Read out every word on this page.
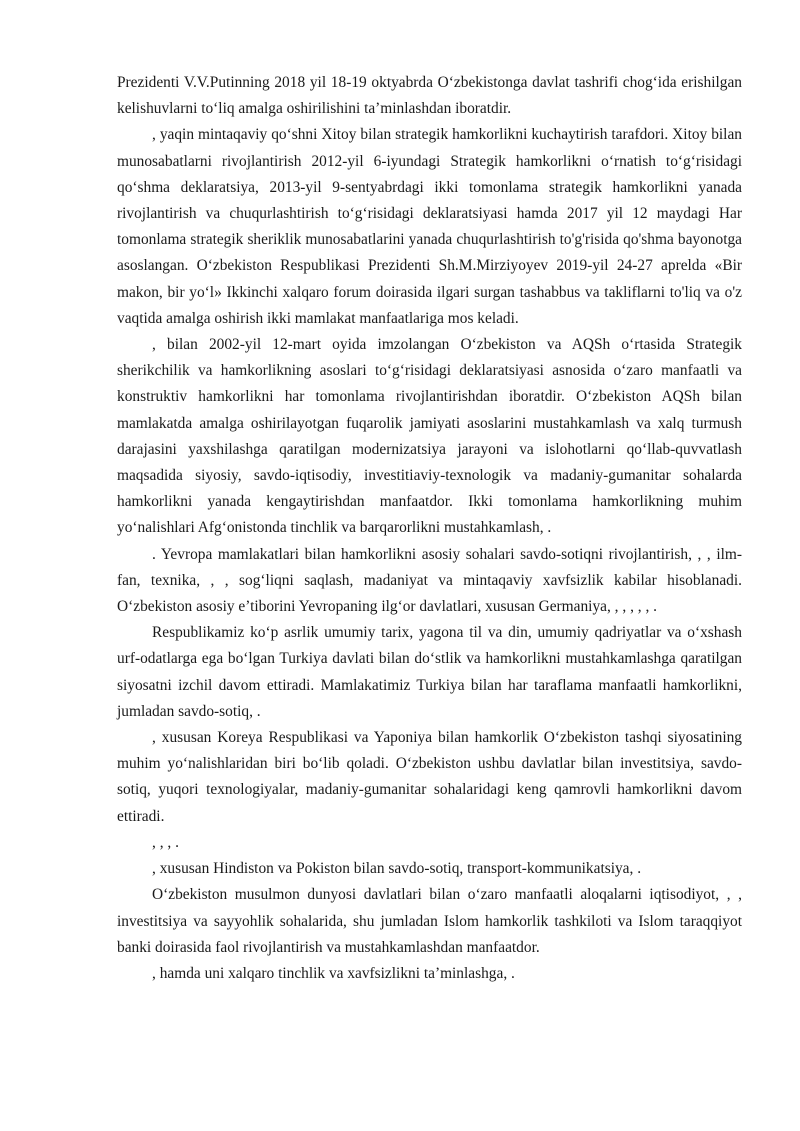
Prezidenti V.V.Putinning 2018 yil 18-19 oktyabrda O‘zbekistonga davlat tashrifi chog‘ida erishilgan kelishuvlarni to‘liq amalga oshirilishini ta’minlashdan iboratdir.

, yaqin mintaqaviy qo‘shni Xitoy bilan strategik hamkorlikni kuchaytirish tarafdori. Xitoy bilan munosabatlarni rivojlantirish 2012-yil 6-iyundagi Strategik hamkorlikni o‘rnatish to‘g‘risidagi qo‘shma deklaratsiya, 2013-yil 9-sentyabrdagi ikki tomonlama strategik hamkorlikni yanada rivojlantirish va chuqurlashtirish to‘g‘risidagi deklaratsiyasi hamda 2017 yil 12 maydagi Har tomonlama strategik sheriklik munosabatlarini yanada chuqurlashtirish to'g'risida qo'shma bayonotga asoslangan. O‘zbekiston Respublikasi Prezidenti Sh.M.Mirziyoyev 2019-yil 24-27 aprelda «Bir makon, bir yo‘l» Ikkinchi xalqaro forum doirasida ilgari surgan tashabbus va takliflarni to'liq va o'z vaqtida amalga oshirish ikki mamlakat manfaatlariga mos keladi.

, bilan 2002-yil 12-mart oyida imzolangan O‘zbekiston va AQSh o‘rtasida Strategik sherikchilik va hamkorlikning asoslari to‘g‘risidagi deklaratsiyasi asnosida o‘zaro manfaatli va konstruktiv hamkorlikni har tomonlama rivojlantirishdan iboratdir. O‘zbekiston AQSh bilan mamlakatda amalga oshirilayotgan fuqarolik jamiyati asoslarini mustahkamlash va xalq turmush darajasini yaxshilashga qaratilgan modernizatsiya jarayoni va islohotlarni qo‘llab-quvvatlash maqsadida siyosiy, savdo-iqtisodiy, investitiaviy-texnologik va madaniy-gumanitar sohalarda hamkorlikni yanada kengaytirishdan manfaatdor. Ikki tomonlama hamkorlikning muhim yo‘nalishlari Afg‘onistonda tinchlik va barqarorlikni mustahkamlash, .

. Yevropa mamlakatlari bilan hamkorlikni asosiy sohalari savdo-sotiqni rivojlantirish, , , ilm-fan, texnika, , , sog‘liqni saqlash, madaniyat va mintaqaviy xavfsizlik kabilar hisoblanadi. O‘zbekiston asosiy e’tiborini Yevropaning ilg‘or davlatlari, xususan Germaniya, , , , , , .

Respublikamiz ko‘p asrlik umumiy tarix, yagona til va din, umumiy qadriyatlar va o‘xshash urf-odatlarga ega bo‘lgan Turkiya davlati bilan do‘stlik va hamkorlikni mustahkamlashga qaratilgan siyosatni izchil davom ettiradi. Mamlakatimiz Turkiya bilan har taraflama manfaatli hamkorlikni, jumladan savdo-sotiq, .

, xususan Koreya Respublikasi va Yaponiya bilan hamkorlik O‘zbekiston tashqi siyosatining muhim yo‘nalishlaridan biri bo‘lib qoladi. O‘zbekiston ushbu davlatlar bilan investitsiya, savdo-sotiq, yuqori texnologiyalar, madaniy-gumanitar sohalaridagi keng qamrovli hamkorlikni davom ettiradi.

, , , .

, xususan Hindiston va Pokiston bilan savdo-sotiq, transport-kommunikatsiya, .

O‘zbekiston musulmon dunyosi davlatlari bilan o‘zaro manfaatli aloqalarni iqtisodiyot, , , investitsiya va sayyohlik sohalarida, shu jumladan Islom hamkorlik tashkiloti va Islom taraqqiyot banki doirasida faol rivojlantirish va mustahkamlashdan manfaatdor.

, hamda uni xalqaro tinchlik va xavfsizlikni ta’minlashga, .
